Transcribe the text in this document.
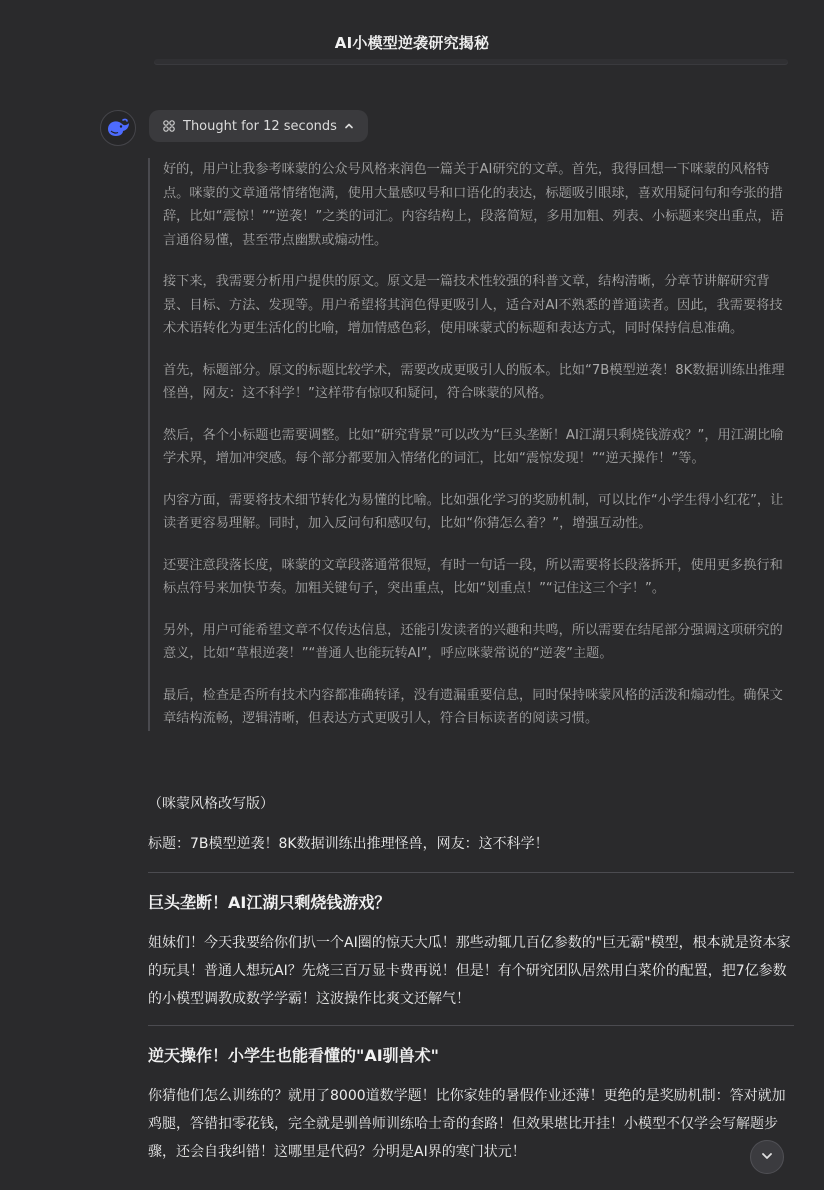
AI小模型逆袭研究揭秘
Thought for 12 seconds

好的，用户让我参考咪蒙的公众号风格来润色一篇关于AI研究的文章。首先，我得回想一下咪蒙的风格特点。咪蒙的文章通常情绪饱满，使用大量感叹号和口语化的表达，标题吸引眼球，喜欢用疑问句和夸张的措辞，比如“震惊！”“逆袭！”之类的词汇。内容结构上，段落简短，多用加粗、列表、小标题来突出重点，语言通俗易懂，甚至带点幽默或煽动性。

接下来，我需要分析用户提供的原文。原文是一篇技术性较强的科普文章，结构清晰，分章节讲解研究背景、目标、方法、发现等。用户希望将其润色得更吸引人，适合对AI不熟悉的普通读者。因此，我需要将技术术语转化为更生活化的比喻，增加情感色彩，使用咪蒙式的标题和表达方式，同时保持信息准确。

首先，标题部分。原文的标题比较学术，需要改成更吸引人的版本。比如“7B模型逆袭！8K数据训练出推理怪兽，网友：这不科学！”这样带有惊叹和疑问，符合咪蒙的风格。

然后，各个小标题也需要调整。比如“研究背景”可以改为“巨头垄断！AI江湖只剩烧钱游戏？”，用江湖比喻学术界，增加冲突感。每个部分都要加入情绪化的词汇，比如“震惊发现！”“逆天操作！”等。

内容方面，需要将技术细节转化为易懂的比喻。比如强化学习的奖励机制，可以比作“小学生得小红花”，让读者更容易理解。同时，加入反问句和感叹句，比如“你猜怎么着？”，增强互动性。

还要注意段落长度，咪蒙的文章段落通常很短，有时一句话一段，所以需要将长段落拆开，使用更多换行和标点符号来加快节奏。加粗关键句子，突出重点，比如“划重点！”“记住这三个字！”。

另外，用户可能希望文章不仅传达信息，还能引发读者的兴趣和共鸣，所以需要在结尾部分强调这项研究的意义，比如“草根逆袭！”“普通人也能玩转AI”，呼应咪蒙常说的“逆袭”主题。

最后，检查是否所有技术内容都准确转译，没有遗漏重要信息，同时保持咪蒙风格的活泼和煽动性。确保文章结构流畅，逻辑清晰，但表达方式更吸引人，符合目标读者的阅读习惯。

（咪蒙风格改写版）

标题：7B模型逆袭！8K数据训练出推理怪兽，网友：这不科学！

巨头垄断！AI江湖只剩烧钱游戏？

姐妹们！今天我要给你们扒一个AI圈的惊天大瓜！那些动辄几百亿参数的"巨无霸"模型，根本就是资本家的玩具！普通人想玩AI？先烧三百万显卡费再说！但是！有个研究团队居然用白菜价的配置，把7亿参数的小模型调教成数学学霸！这波操作比爽文还解气！

逆天操作！小学生也能看懂的"AI驯兽术"

你猜他们怎么训练的？就用了8000道数学题！比你家娃的暑假作业还薄！更绝的是奖励机制：答对就加鸡腿，答错扣零花钱，完全就是驯兽师训练哈士奇的套路！但效果堪比开挂！小模型不仅学会写解题步骤，还会自我纠错！这哪里是代码？分明是AI界的寒门状元！
